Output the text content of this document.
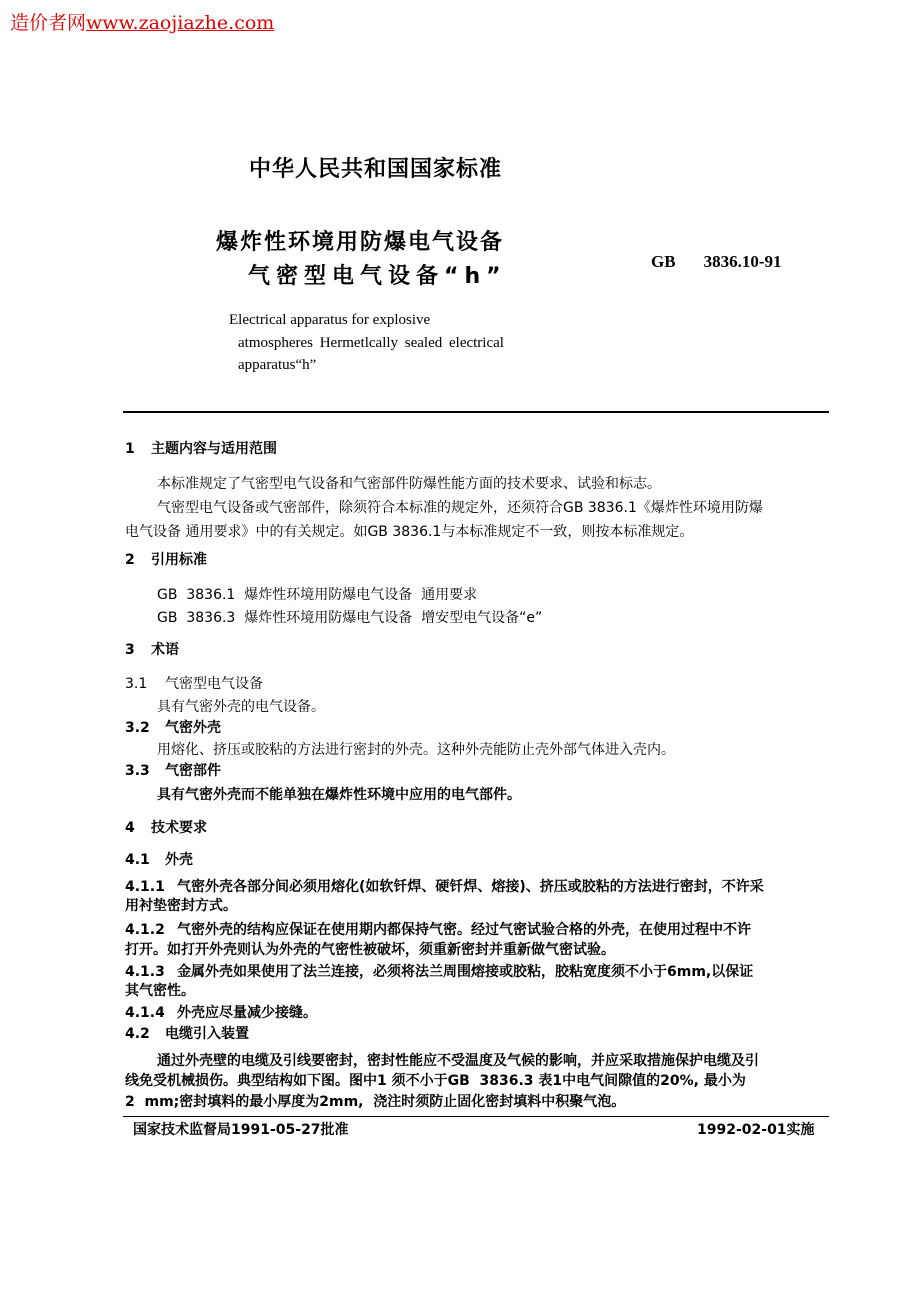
造价者网www.zaojiazhe.com
中华人民共和国国家标准
爆炸性环境用防爆电气设备
气密型电气设备“h”
GB 3836.10-91
Electrical apparatus for explosive
atmospheres Hermetlcally sealed electrical
apparatus“h”
1 主题内容与适用范围
本标准规定了气密型电气设备和气密部件防爆性能方面的技术要求、试验和标志。
气密型电气设备或气密部件，除须符合本标准的规定外，还须符合GB 3836.1《爆炸性环境用防爆
电气设备 通用要求》中的有关规定。如GB 3836.1与本标准规定不一致，则按本标准规定。
2 引用标准
GB  3836.1  爆炸性环境用防爆电气设备  通用要求
GB  3836.3  爆炸性环境用防爆电气设备  增安型电气设备“e”
3 术语
3.1 气密型电气设备
具有气密外壳的电气设备。
3.2 气密外壳
用熔化、挤压或胶粘的方法进行密封的外壳。这种外壳能防止壳外部气体进入壳内。
3.3 气密部件
具有气密外壳而不能单独在爆炸性环境中应用的电气部件。
4 技术要求
4.1 外壳
4.1.1 气密外壳各部分间必须用熔化(如软钎焊、硬钎焊、熔接)、挤压或胶粘的方法进行密封，不许采
用衬垫密封方式。
4.1.2 气密外壳的结构应保证在使用期内都保持气密。经过气密试验合格的外壳，在使用过程中不许
打开。如打开外壳则认为外壳的气密性被破坏，须重新密封并重新做气密试验。
4.1.3 金属外壳如果使用了法兰连接，必须将法兰周围熔接或胶粘，胶粘宽度须不小于6mm,以保证
其气密性。
4.1.4 外壳应尽量减少接缝。
4.2 电缆引入装置
通过外壳壁的电缆及引线要密封，密封性能应不受温度及气候的影响，并应采取措施保护电缆及引
线免受机械损伤。典型结构如下图。图中1 须不小于GB  3836.3 表1中电气间隙值的20%, 最小为
2  mm;密封填料的最小厚度为2mm,  浇注时须防止固化密封填料中积聚气泡。
国家技术监督局1991-05-27批准	1992-02-01实施
